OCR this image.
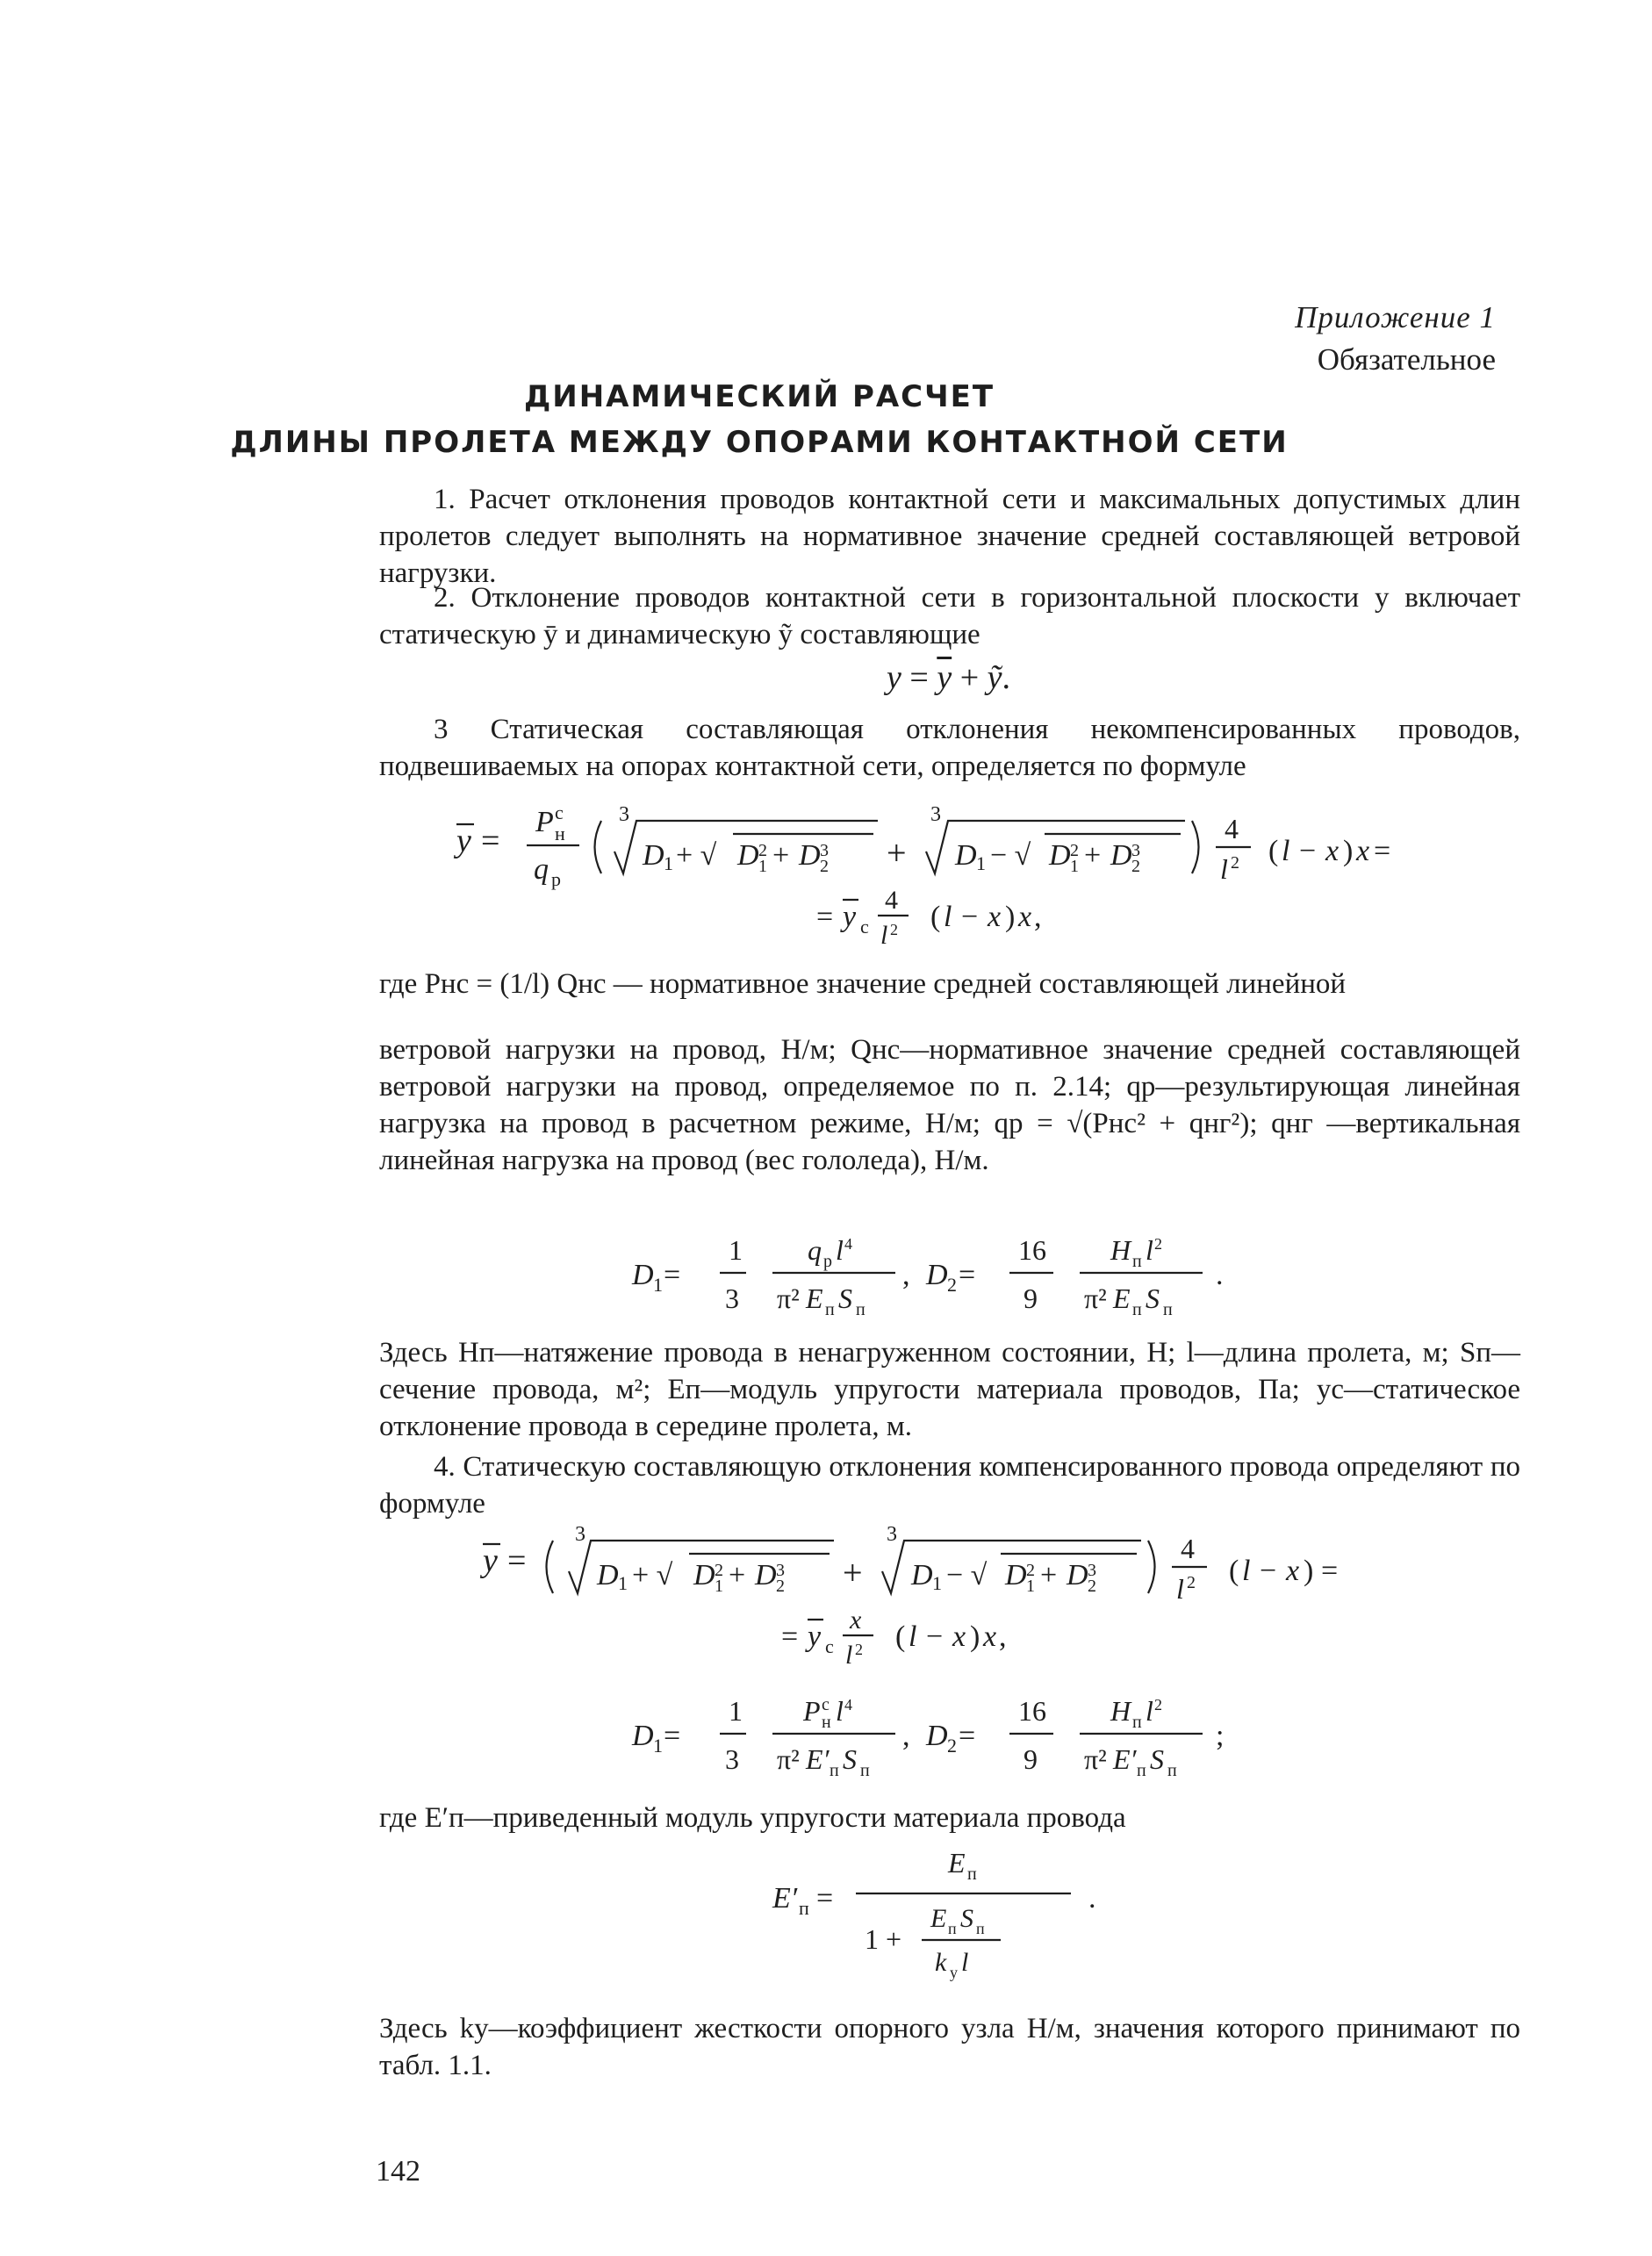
Приложение 1
Обязательное
ДИНАМИЧЕСКИЙ РАСЧЕТ
ДЛИНЫ ПРОЛЕТА МЕЖДУ ОПОРАМИ КОНТАКТНОЙ СЕТИ
1. Расчет отклонения проводов контактной сети и максимальных допустимых длин пролетов следует выполнять на нормативное значение средней составляющей ветровой нагрузки.
2. Отклонение проводов контактной сети в горизонтальной плоскости y включает статическую ȳ и динамическую ỹ составляющие
$y = \overline{y}$ + ỹ.
3 Статическая составляющая отклонения некомпенсированных проводов, подвешиваемых на опорах контактной сети, определяется по формуле
y =
P c
н
q р
3
D 1 + √ D 2
1 + D 3
2 +
3
D 1 − √ D 2
1 + D 3
2
4
l 2 ( l − x ) x =
= y c
4
l 2 ( l − x ) x ,
где Pнс = (1/l) Qнс — нормативное значение средней составляющей линейной
ветровой нагрузки на провод, Н/м; Qнс—нормативное значение средней составляющей ветровой нагрузки на провод, определяемое по п. 2.14; qр—результирующая линейная нагрузка на провод в расчетном режиме, Н/м; qр = √(Pнс² + qнг²); qнг —вертикальная линейная нагрузка на провод (вес гололеда), Н/м.
D 1 =
1
3
q р l 4
π² E п S п
, D 2 =
16
9
H п l 2
π² E п S п
.
Здесь Hп—натяжение провода в ненагруженном состоянии, Н; l—длина пролета, м; Sп—сечение провода, м²; Eп—модуль упругости материала проводов, Па; yс—статическое отклонение провода в середине пролета, м.
4. Статическую составляющую отклонения компенсированного провода определяют по формуле
y =
3
D 1 + √ D 2
1 + D 3
2 +
3
D 1 − √ D 2
1 + D 3
2
4
l 2 ( l − x ) =
= y c
x
l 2 ( l − x ) x ,
D 1 =
1
3
P c
н l 4
π² E′ п S п
, D 2 =
16
9
H п l 2
π² E′ п S п
;
где E′п—приведенный модуль упругости материала провода
E′ п =
E п
1 +
E п S п
k у l
.
Здесь kу—коэффициент жесткости опорного узла Н/м, значения которого принимают по табл. 1.1.
142
